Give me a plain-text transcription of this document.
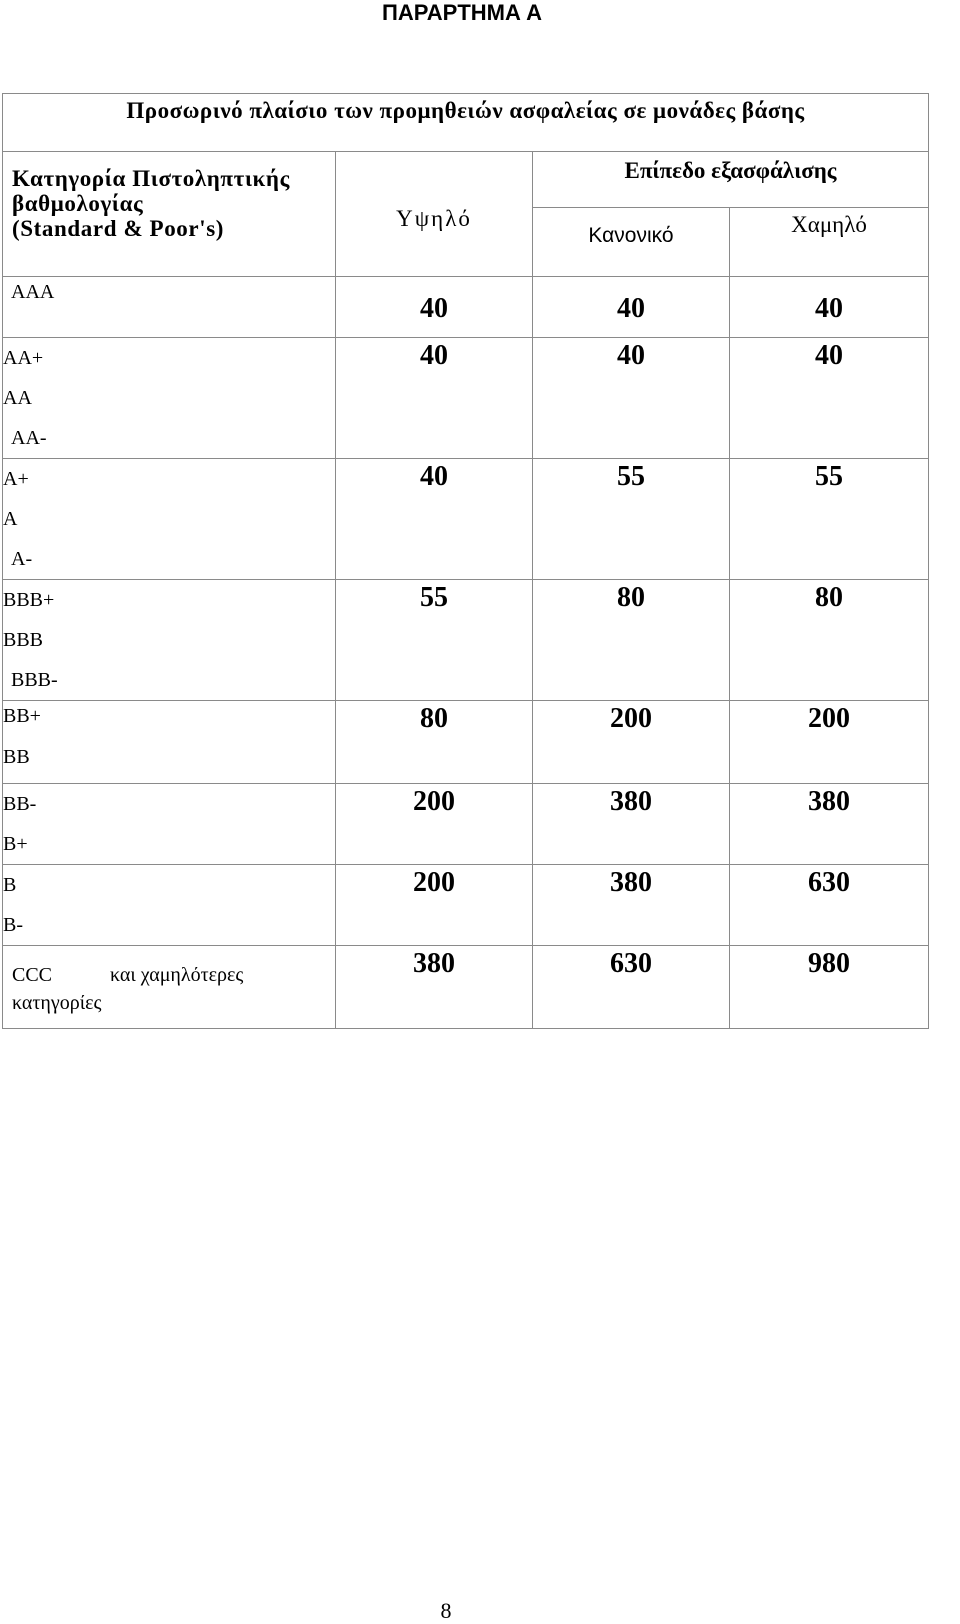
ΠΑΡΑΡΤΗΜΑ Α
Προσωρινό πλαίσιο των προμηθειών ασφαλείας σε μονάδες βάσης			

Κατηγορία Πιστοληπτικής
βαθμολογίας
(Standard & Poor's)	Υψηλό	Επίπεδο εξασφάλισης	
		Κανονικό	Χαμηλό

AAA	40	40	40

AA+
AA
AA-	40	40	40

A+
A
A-	40	55	55

BBB+
BBB
BBB-	55	80	80

BB+
BB	80	200	200

BB-
B+	200	380	380

B
B-	200	380	630

CCC και χαμηλότερες
κατηγορίες	380	630	980
8
